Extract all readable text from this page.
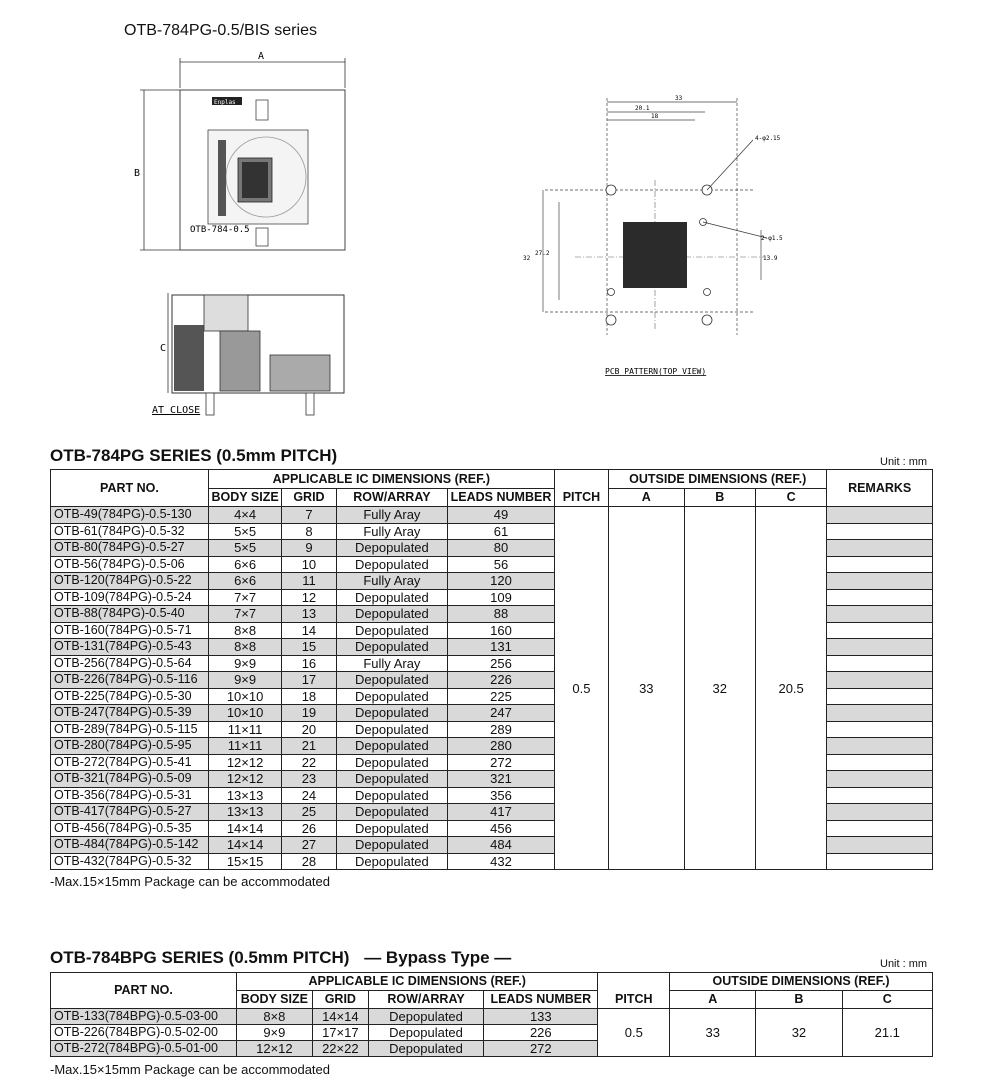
OTB-784PG-0.5/BIS series
A
B
Enplas
OTB-784-0.5
C
AT CLOSE
33
20.1
18
32
27.2
13.9
4-φ2.15
2-φ1.5
PCB PATTERN(TOP VIEW)
OTB-784PG SERIES (0.5mm PITCH)	Unit : mm
PART NO.	APPLICABLE IC DIMENSIONS (REF.)					OUTSIDE DIMENSIONS (REF.)			REMARKS
	BODY SIZE	GRID	ROW/ARRAY	LEADS NUMBER	PITCH	A	B	C	
OTB-49(784PG)-0.5-130	4×4	7	Fully Aray	49	0.5	33	32	20.5	
OTB-61(784PG)-0.5-32	5×5	8	Fully Aray	61					
OTB-80(784PG)-0.5-27	5×5	9	Depopulated	80					
OTB-56(784PG)-0.5-06	6×6	10	Depopulated	56					
OTB-120(784PG)-0.5-22	6×6	11	Fully Aray	120					
OTB-109(784PG)-0.5-24	7×7	12	Depopulated	109					
OTB-88(784PG)-0.5-40	7×7	13	Depopulated	88					
OTB-160(784PG)-0.5-71	8×8	14	Depopulated	160					
OTB-131(784PG)-0.5-43	8×8	15	Depopulated	131					
OTB-256(784PG)-0.5-64	9×9	16	Fully Aray	256					
OTB-226(784PG)-0.5-116	9×9	17	Depopulated	226					
OTB-225(784PG)-0.5-30	10×10	18	Depopulated	225					
OTB-247(784PG)-0.5-39	10×10	19	Depopulated	247					
OTB-289(784PG)-0.5-115	11×11	20	Depopulated	289					
OTB-280(784PG)-0.5-95	11×11	21	Depopulated	280					
OTB-272(784PG)-0.5-41	12×12	22	Depopulated	272					
OTB-321(784PG)-0.5-09	12×12	23	Depopulated	321					
OTB-356(784PG)-0.5-31	13×13	24	Depopulated	356					
OTB-417(784PG)-0.5-27	13×13	25	Depopulated	417					
OTB-456(784PG)-0.5-35	14×14	26	Depopulated	456					
OTB-484(784PG)-0.5-142	14×14	27	Depopulated	484					
OTB-432(784PG)-0.5-32	15×15	28	Depopulated	432					
-Max.15×15mm Package can be accommodated
OTB-784BPG SERIES (0.5mm PITCH) — Bypass Type —	Unit : mm
PART NO.	APPLICABLE IC DIMENSIONS (REF.)					OUTSIDE DIMENSIONS (REF.)		
	BODY SIZE	GRID	ROW/ARRAY	LEADS NUMBER	PITCH	A	B	C
OTB-133(784BPG)-0.5-03-00	8×8	14×14	Depopulated	133	0.5	33	32	21.1
OTB-226(784BPG)-0.5-02-00	9×9	17×17	Depopulated	226				
OTB-272(784BPG)-0.5-01-00	12×12	22×22	Depopulated	272				
-Max.15×15mm Package can be accommodated
